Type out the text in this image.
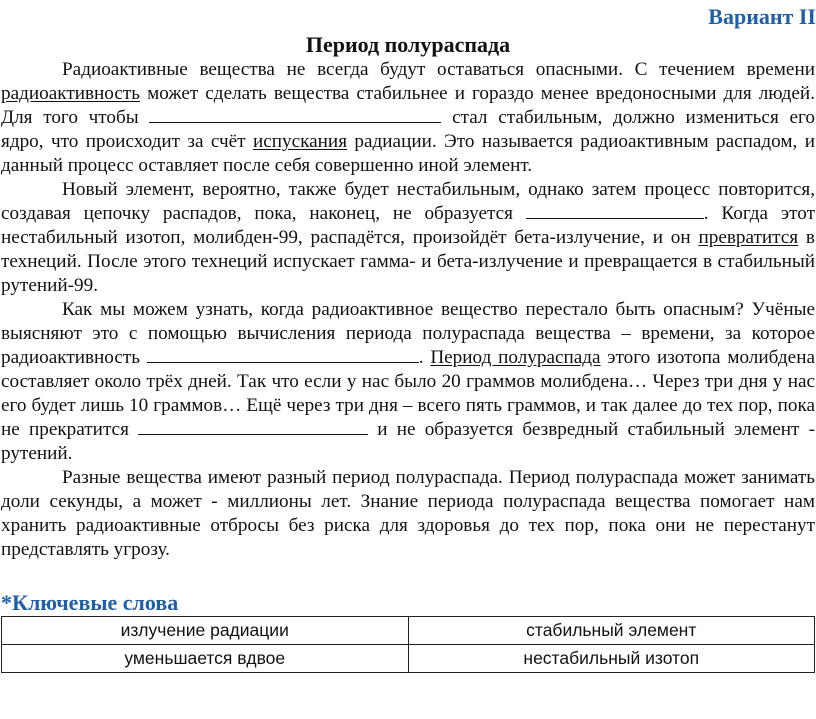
Вариант II
Период полураспада

Радиоактивные вещества не всегда будут оставаться опасными. С течением времени радиоактивность может сделать вещества стабильнее и гораздо менее вредоносными для людей. Для того чтобы	стал стабильным, должно измениться его ядро, что происходит за счёт испускания радиации. Это называется радиоактивным распадом, и данный процесс оставляет после себя совершенно иной элемент.

Новый элемент, вероятно, также будет нестабильным, однако затем процесс повторится, создавая цепочку распадов, пока, наконец, не образуется	. Когда этот нестабильный изотоп, молибден-99, распадётся, произойдёт бета-излучение, и он превратится в технеций. После этого технеций испускает гамма- и бета-излучение и превращается в стабильный рутений-99.

Как мы можем узнать, когда радиоактивное вещество перестало быть опасным? Учёные выясняют это с помощью вычисления периода полураспада вещества – времени, за которое радиоактивность	. Период полураспада этого изотопа молибдена составляет около трёх дней. Так что если у нас было 20 граммов молибдена… Через три дня у нас его будет лишь 10 граммов… Ещё через три дня – всего пять граммов, и так далее до тех пор, пока не прекратится	и не образуется безвредный стабильный элемент - рутений.

Разные вещества имеют разный период полураспада. Период полураспада может занимать доли секунды, а может - миллионы лет. Знание периода полураспада вещества помогает нам хранить радиоактивные отбросы без риска для здоровья до тех пор, пока они не перестанут представлять угрозу.

*Ключевые слова
излучение радиации	стабильный элемент
уменьшается вдвое	нестабильный изотоп
